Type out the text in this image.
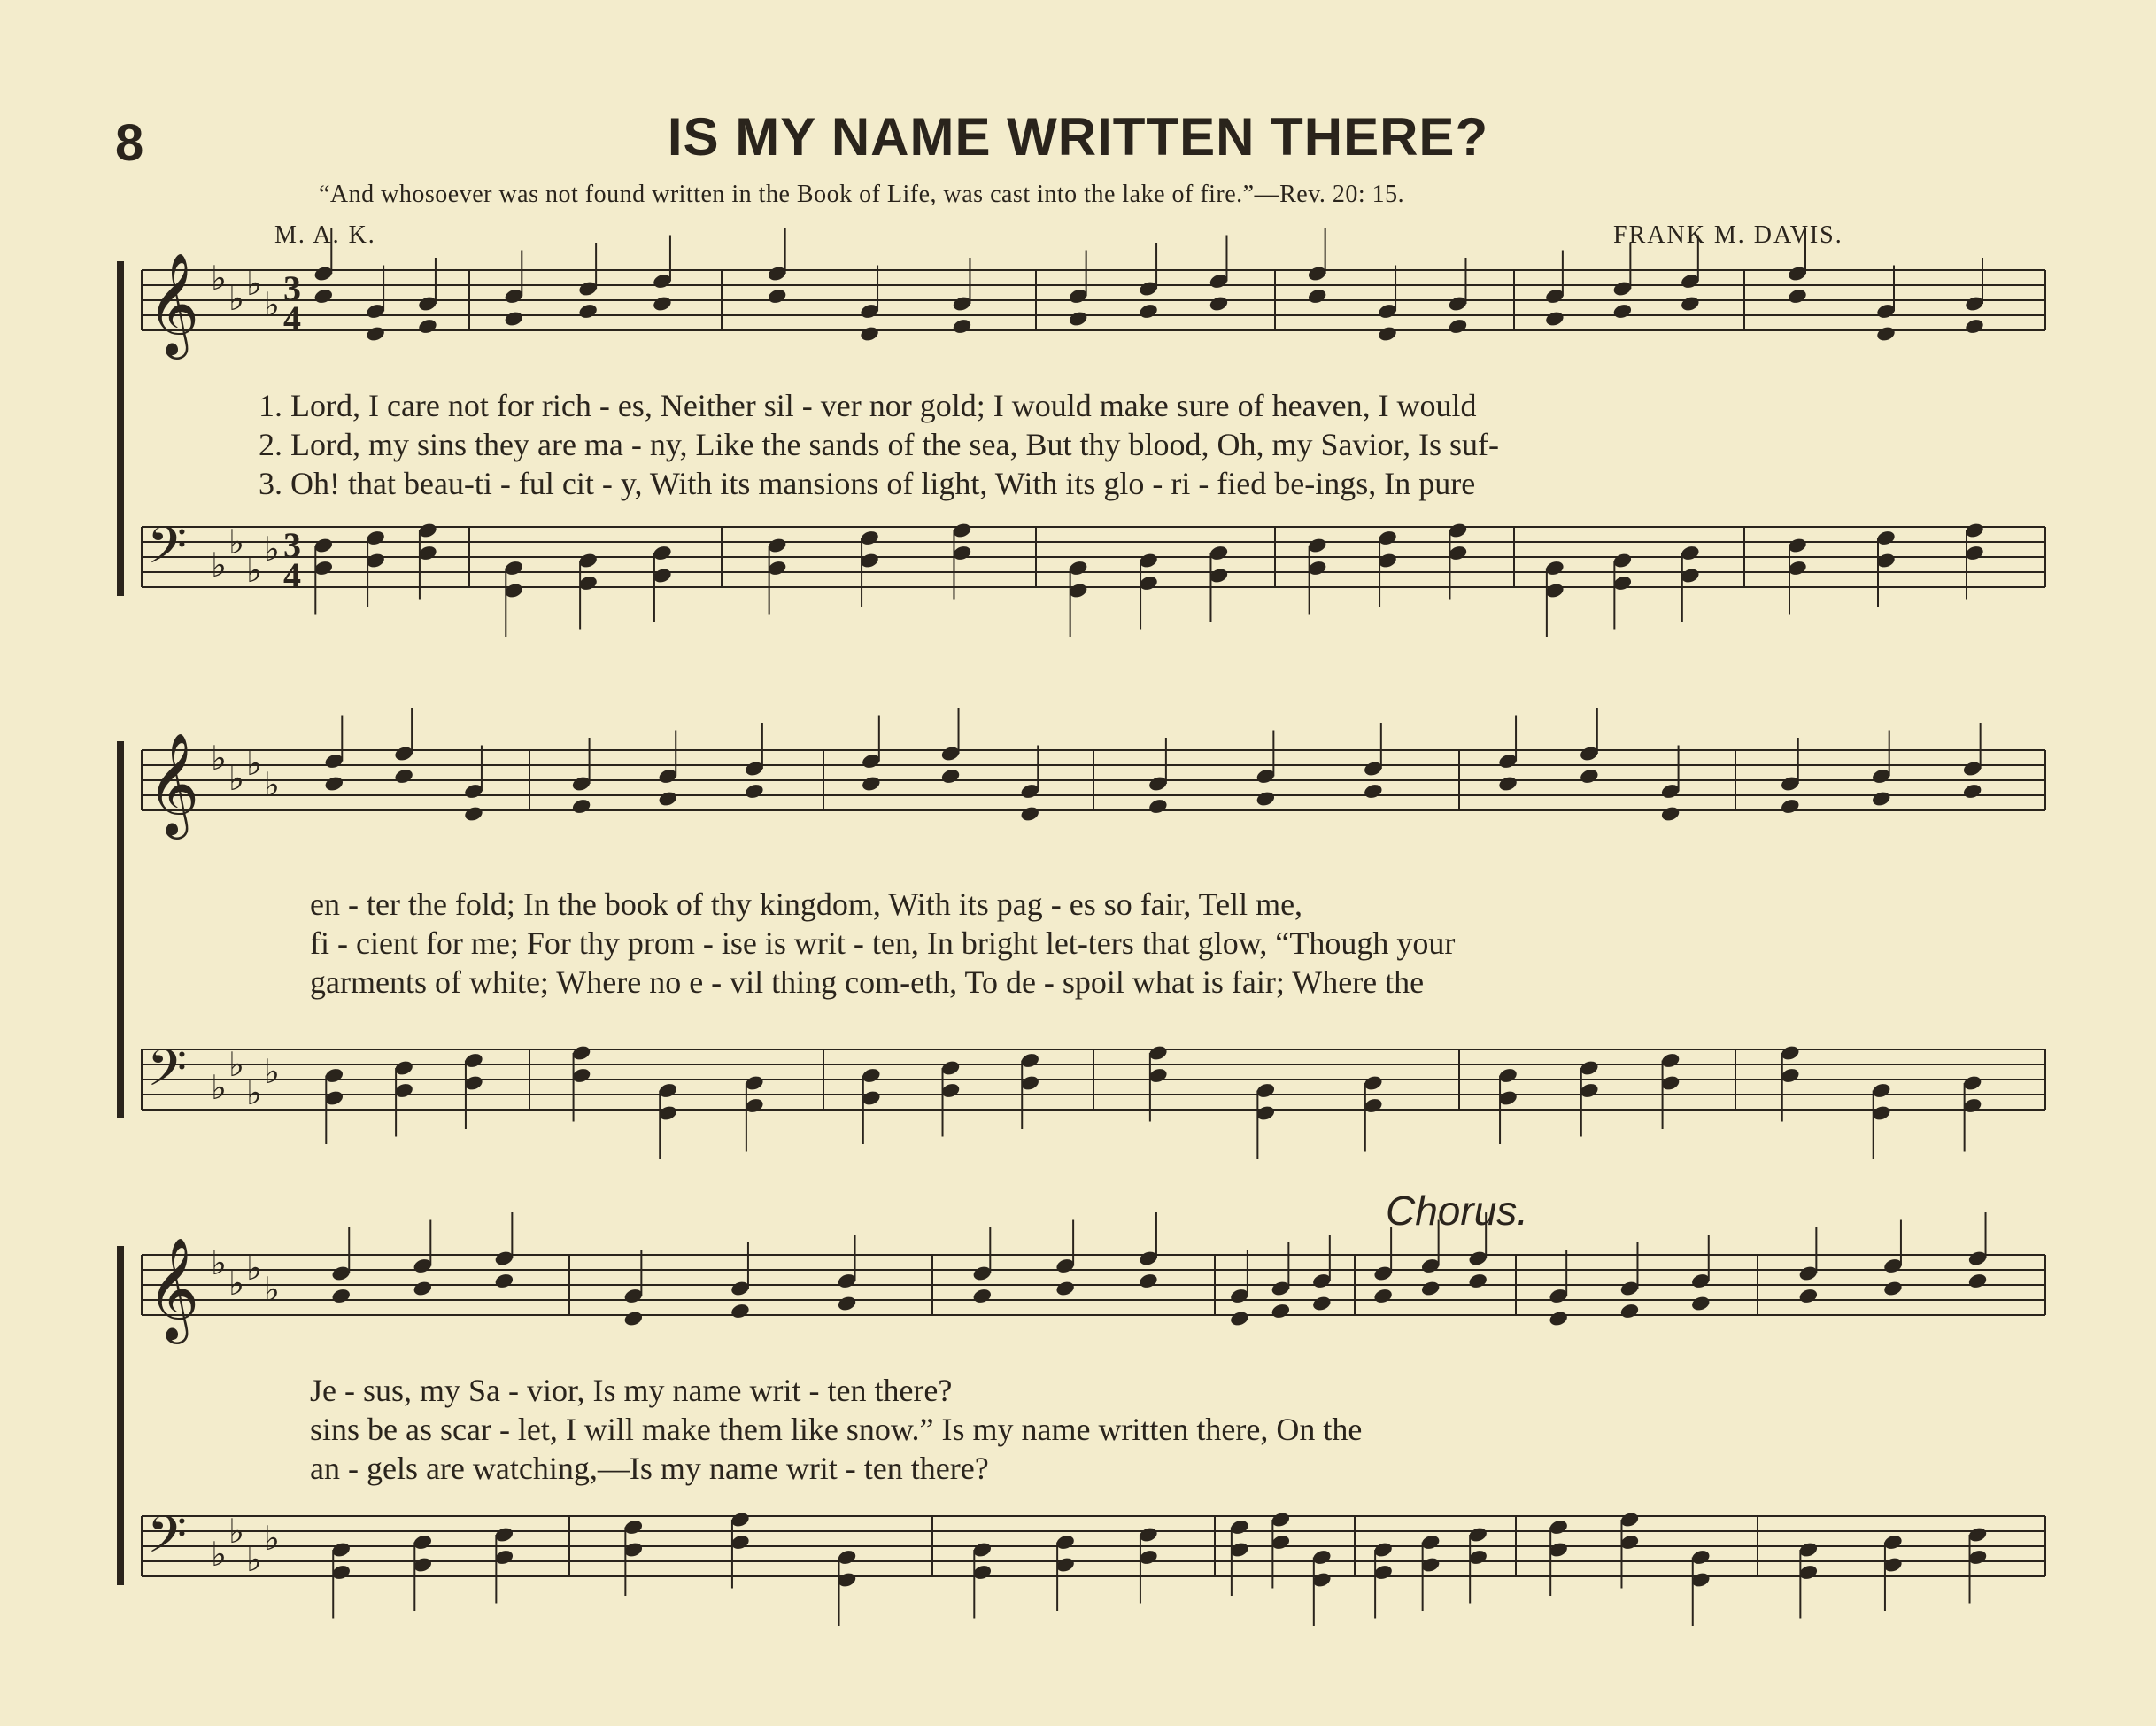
8	IS MY NAME WRITTEN THERE?
“And whosoever was not found written in the Book of Life, was cast into the lake of fire.”—Rev. 20: 15.
M. A. K.	FRANK M. DAVIS.
𝄞 ♭
♭ ♭
♭
𝄢 ♭
♭
♭
♭
𝄞 ♭
♭ ♭
♭
𝄢 ♭
♭
♭
♭
𝄞 ♭
♭ ♭
♭
𝄢 ♭
♭
♭
♭
3
4
3
4
Chorus.
1. Lord, I care not for rich - es, Neither sil - ver nor gold; I would make sure of heaven, I would
2. Lord, my sins they are ma - ny, Like the sands of the sea, But thy blood, Oh, my Savior, Is suf-
3. Oh! that beau-ti - ful cit - y, With its mansions of light, With its glo - ri - fied be-ings, In pure
en - ter the fold; In the book of thy kingdom, With its pag - es so fair, Tell me,
fi - cient for me; For thy prom - ise is writ - ten, In bright let-ters that glow, “Though your
garments of white; Where no e - vil thing com-eth, To de - spoil what is fair; Where the
Je - sus, my Sa - vior, Is my name writ - ten there?
sins be as scar - let, I will make them like snow.” Is my name written there, On the
an - gels are watching,—Is my name writ - ten there?
